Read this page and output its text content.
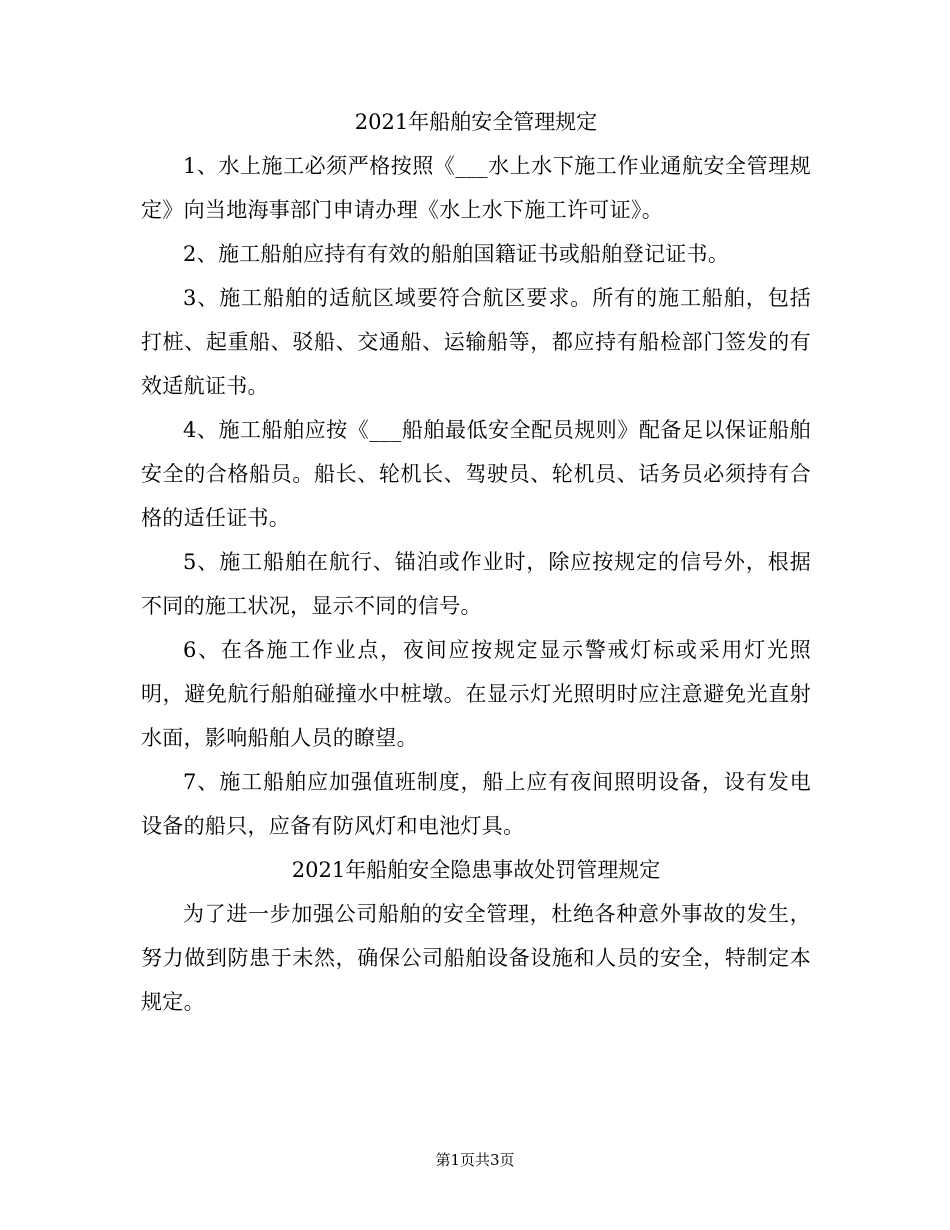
2021年船舶安全管理规定

1、水上施工必须严格按照《___水上水下施工作业通航安全管理规定》向当地海事部门申请办理《水上水下施工许可证》。

2、施工船舶应持有有效的船舶国籍证书或船舶登记证书。

3、施工船舶的适航区域要符合航区要求。所有的施工船舶，包括打桩、起重船、驳船、交通船、运输船等，都应持有船检部门签发的有效适航证书。

4、施工船舶应按《___船舶最低安全配员规则》配备足以保证船舶安全的合格船员。船长、轮机长、驾驶员、轮机员、话务员必须持有合格的适任证书。

5、施工船舶在航行、锚泊或作业时，除应按规定的信号外，根据不同的施工状况，显示不同的信号。

6、在各施工作业点，夜间应按规定显示警戒灯标或采用灯光照明，避免航行船舶碰撞水中桩墩。在显示灯光照明时应注意避免光直射水面，影响船舶人员的瞭望。

7、施工船舶应加强值班制度，船上应有夜间照明设备，设有发电设备的船只，应备有防风灯和电池灯具。

2021年船舶安全隐患事故处罚管理规定

为了进一步加强公司船舶的安全管理，杜绝各种意外事故的发生，努力做到防患于未然，确保公司船舶设备设施和人员的安全，特制定本规定。

第1页共3页
